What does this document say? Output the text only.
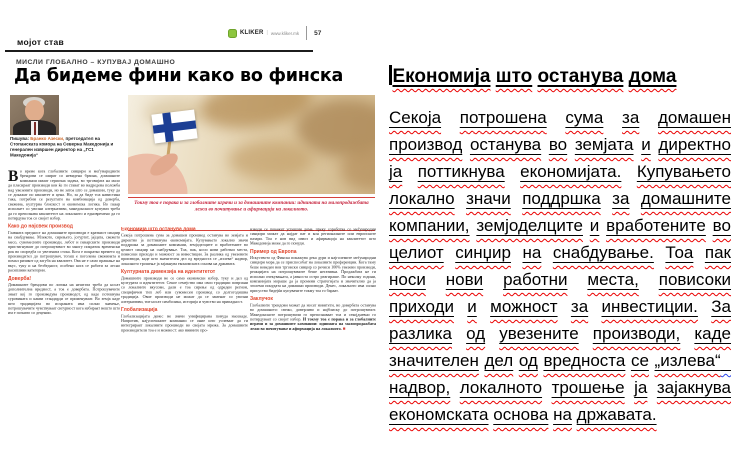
KLIKER | www.kliker.mk 57
мојот став
МИСЛИ ГЛОБАЛНО – КУПУВАЈ ДОМАШНО
Да бидеме фини како во финска
Пишува: Бранко Азески, претседател на Стопанската комора на Северна Македонија и генерален извршен директор на „ГС1 Македонија“
Токму тоа е порака и за глобалните играчи и за домашните компании: иднината на малопродажбата лежи во почитување и афирмација на локалното.

Во време кога глобалните синџири и меѓународните брендови се шират со невидена брзина, домашните компании имаат сериозна задача, во трговијата на мало да пласираат производи кои ќе ги стават во надредена положба над увезените производи, но не затоа што се домашни, туку да се докажат по квалитет и цена. Но, за да биде тоа навистина така, потребни се резултати на комбинација од доверба, свежина, културна блискост и економска логика. Во пазар исполнет со увозни алтернативи, македонскиот купувач треба да го препознава квалитетот на локалното и едновремено да го потврдува тоа со својот избор.

Како до најсвеж производ

Главната предност на домашните производи е краткиот синџир на снабдување. Млекото, сирењето, јогуртот, јајцата, свежото месо, сувомесните производи, лебот и пекарските производи пристигнуваат до потрошувачот во многу пократок временски рок во споредба со увезената стока. Кога е пократко времето од производител до потрошувач, тогаш е поголема свежината и помал ризикот од загуба на квалитет. Ова не е само прашање на вкус, туку и на безбедност, особено кога се работи за лесно расипливи категории.

Доверба!

Домашните брендови по логика на нештата треба да носат дополнителна вредност, а тоа е довербата. Потрошувачите знаат кој го произведува производот, од каде потекнува суровината и какви стандарди се применуваат. Во земја каде што традицијата во исхраната има силно значење, потрошувачите чувствуваат сигурност кога избираат нешто што им е познато со децении.

Економија што останува дома

Секоја потрошена сума за домашен производ останува во земјата и директно ја поттикнува економијата. Купувањето локално значи поддршка за домашните компании, земјоделците и вработените во целиот синџир на снабдување. Тоа, пак, носи нови работни места, повисоки приходи и можност за инвестиции. За разлика од увезените производи, каде што значителен дел од вредноста се „излева“ надвор, локалното трошење ја зајакнува економската основа на државата.

Културната димензија на идентитетот

Домашните производи не се само економски избор, туку и дел од културата и идентитетот. Секое семејство има свои традиции поврзани со локалните вкусови, дали е тоа сирење од одреден регион, специфичен тип леб или сувомесен производ со долгогодишна традиција. Овие производи не можат да се заменат со увозни алтернативи, тие носат симболика, историја и чувство на припадност.

Глобализација

Глобализацијата денес не значи унифицирана понуда насекаде. Напротив, најуспешните компании се оние што успеваат да ги интегрираат локалните производи во својата мрежа. За домашните производители тоа е и можност: ако нивните про-

изводи се покажат успешни дома, преку соработка со меѓународни синџири можат да најдат пат и кон регионалните или европските пазари. Тоа е нов вид извоз и афирмација на квалитетот што Македонија може да го понуди.

Пример од Европа

Искуството од Финска покажува дека дури и најголемите меѓународни синџири мора да се приспособат на локалните преференции. Кога таму беше воведен нов трговски синџир со речиси 100% увезени производи, реакцијата на потрошувачите беше негативна. Продажбата не ги исполни очекувањата, а јавноста остро реагираше. По неколку години, компанијата мораше да ја промени стратегијата и значително да ја зголеми понудата на домашни производи. Денес, локалното има силно присуство бидејќи купувачите токму тоа го бараат.

Заклучок

Глобалните трендови можат да носат новитети, но довербата останува во домашното: свежо, доверливо и најблиску до потрошувачот. Македонските потрошувачи го препознаваат тоа и секојдневно го потврдуваат со својот избор. И токму тоа е порака и за глобалните играчи и за домашните компании: иднината на малопродажбата лежи во почитување и афирмација на локалното. ■

Економија што останува дома

Секоја потрошена сума за домашен производ останува во земјата и директно ја поттикнува економијата. Купувањето локално значи поддршка за домашните компании, земјоделците и вработените во целиот синџир на снабдување. Тоа пак носи нови работни места, повисоки приходи и можност за инвестиции. За разлика од увезените производи, каде значителен дел од вредноста се „излева“   надвор, локалното трошење ја зајакнува економската основа на државата.
